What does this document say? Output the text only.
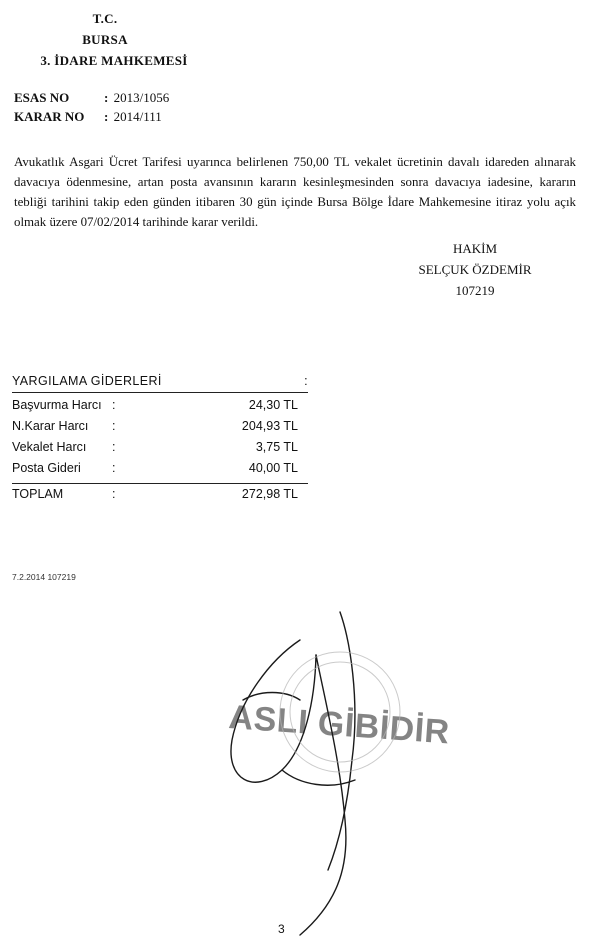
T.C.
BURSA
3. İDARE MAHKEMESİ
ESAS NO	: 2013/1056
KARAR NO : 2014/111
Avukatlık Asgari Ücret Tarifesi uyarınca belirlenen 750,00 TL vekalet ücretinin davalı idareden alınarak davacıya ödenmesine, artan posta avansının kararın kesinleşmesinden sonra davacıya iadesine, kararın tebliği tarihini takip eden günden itibaren 30 gün içinde Bursa Bölge İdare Mahkemesine itiraz yolu açık olmak üzere 07/02/2014 tarihinde karar verildi.
HAKİM
SELÇUK ÖZDEMİR
107219
YARGILAMA GİDERLERİ	:
Başvurma Harcı :	24,30 TL
N.Karar Harcı :	204,93 TL
Vekalet Harcı :	3,75 TL
Posta Gideri :	40,00 TL
TOPLAM	:	272,98 TL
7.2.2014 107219
ASLI GİBİDİR
3
